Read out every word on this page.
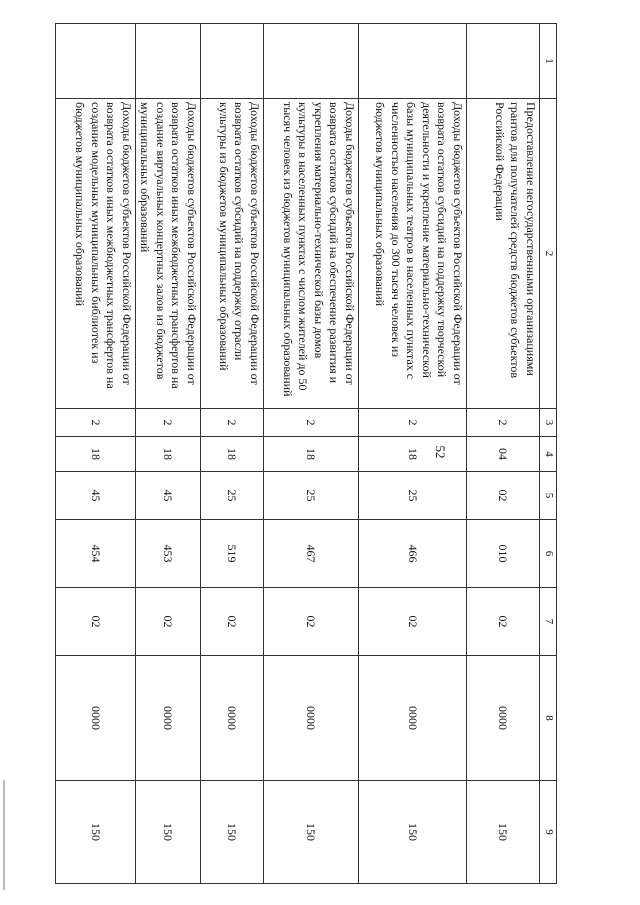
52
1	2	3	4	5	6	7	8	9
	Предоставление негосударственными организациями грантов для получателей средств бюджетов субъектов Российской Федерации	2	04	02	010	02	0000	150
	Доходы бюджетов субъектов Российской Федерации от возврата остатков субсидий на поддержку творческой деятельности и укрепление материально-технической базы муниципальных театров в населенных пунктах с численностью населения до 300 тысяч человек из бюджетов муниципальных образований	2	18	25	466	02	0000	150
	Доходы бюджетов субъектов Российской Федерации от возврата остатков субсидий на обеспечение развития и укрепления материально-технической базы домов культуры в населенных пунктах с числом жителей до 50 тысяч человек из бюджетов муниципальных образований	2	18	25	467	02	0000	150
	Доходы бюджетов субъектов Российской Федерации от возврата остатков субсидий на поддержку отрасли культуры из бюджетов муниципальных образований	2	18	25	519	02	0000	150
	Доходы бюджетов субъектов Российской Федерации от возврата остатков иных межбюджетных трансфертов на создание виртуальных концертных залов из бюджетов муниципальных образований	2	18	45	453	02	0000	150
	Доходы бюджетов субъектов Российской Федерации от возврата остатков иных межбюджетных трансфертов на создание модельных муниципальных библиотек из бюджетов муниципальных образований	2	18	45	454	02	0000	150
